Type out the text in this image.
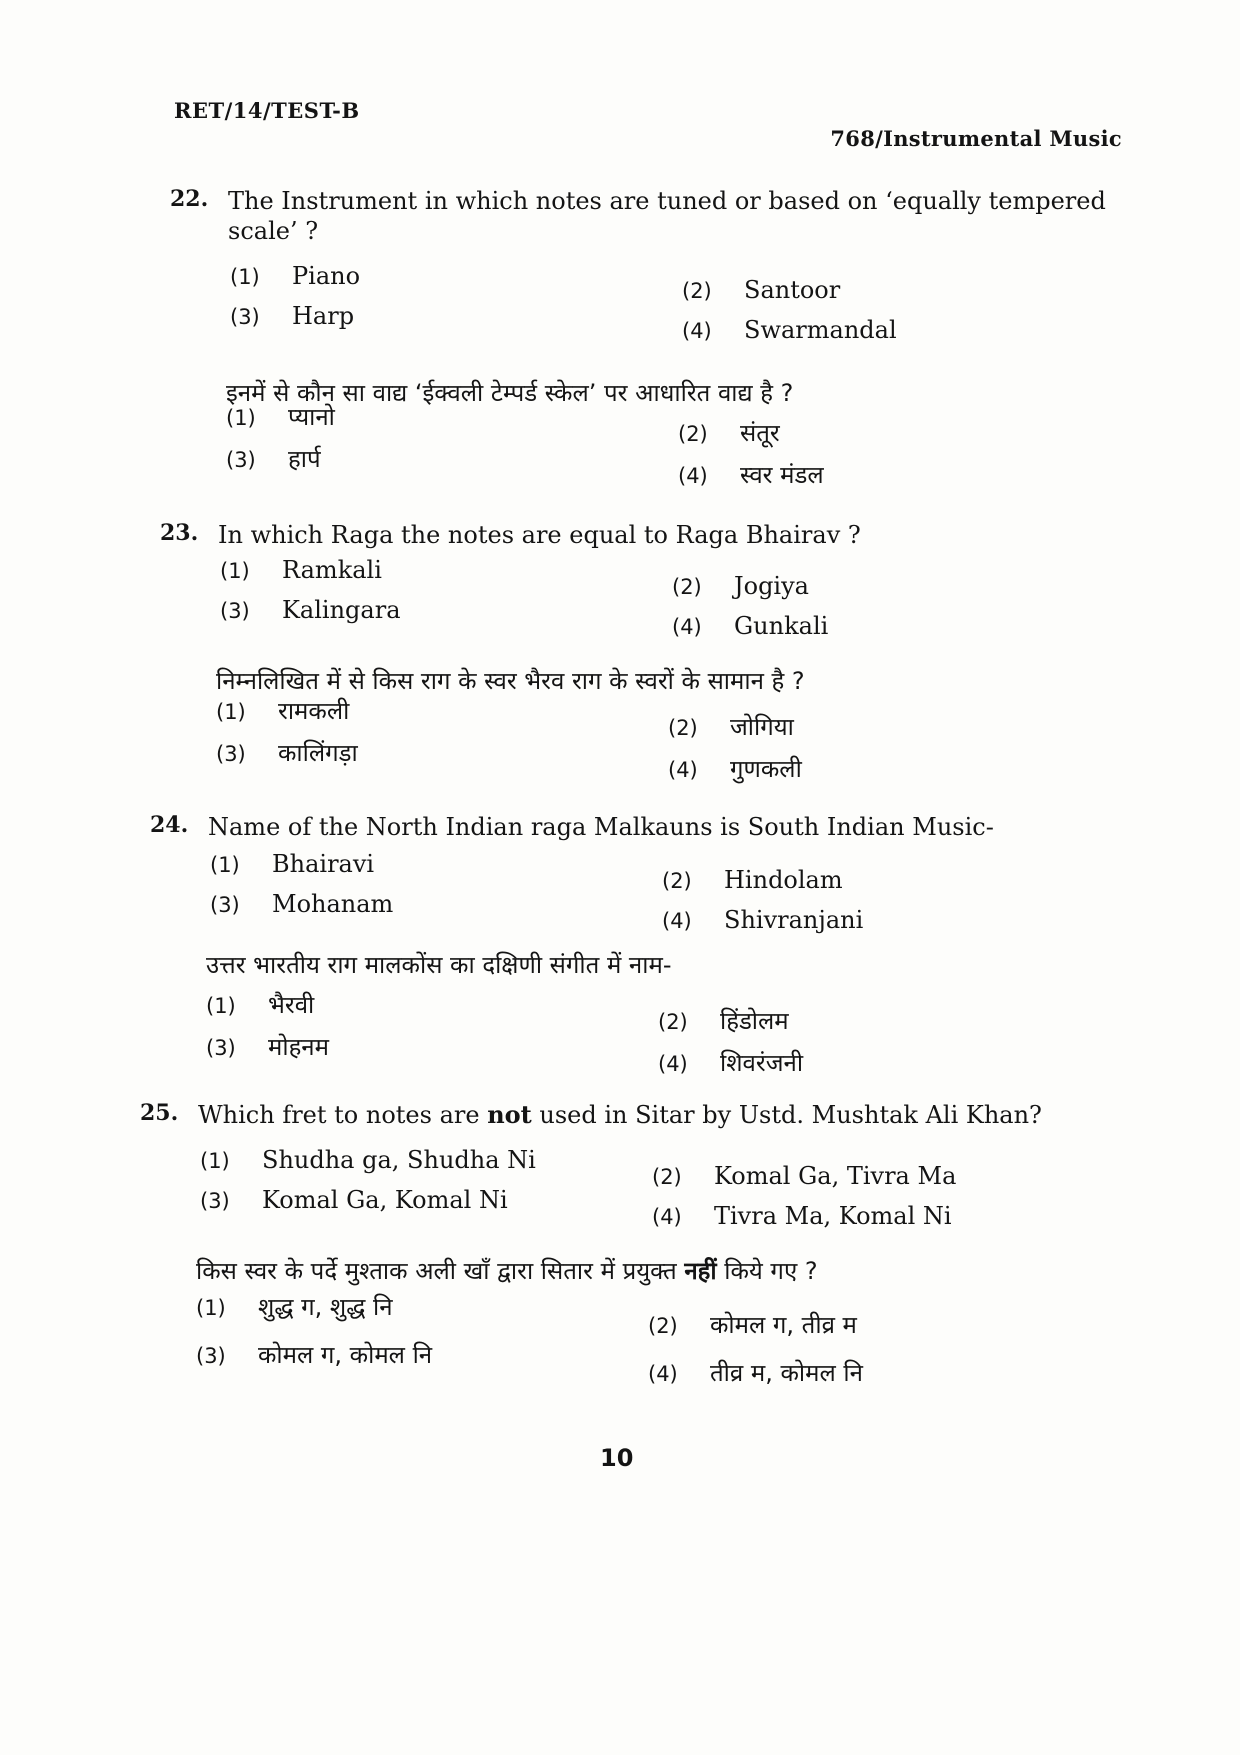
RET/14/TEST-B
768/Instrumental Music
22. The Instrument in which notes are tuned or based on ‘equally tempered scale’ ?
(1) Piano
(2) Santoor
(3) Harp
(4) Swarmandal
इनमें से कौन सा वाद्य ‘ईक्वली टेम्पर्ड स्केल’ पर आधारित वाद्य है ?
(1) प्यानो
(2) संतूर
(3) हार्प
(4) स्वर मंडल
23. In which Raga the notes are equal to Raga Bhairav ?
(1) Ramkali
(2) Jogiya
(3) Kalingara
(4) Gunkali
निम्नलिखित में से किस राग के स्वर भैरव राग के स्वरों के सामान है ?
(1) रामकली
(2) जोगिया
(3) कालिंगड़ा
(4) गुणकली
24. Name of the North Indian raga Malkauns is South Indian Music-
(1) Bhairavi
(2) Hindolam
(3) Mohanam
(4) Shivranjani
उत्तर भारतीय राग मालकोंस का दक्षिणी संगीत में नाम-
(1) भैरवी
(2) हिंडोलम
(3) मोहनम
(4) शिवरंजनी
25. Which fret to notes are not used in Sitar by Ustd. Mushtak Ali Khan?
(1) Shudha ga, Shudha Ni
(2) Komal Ga, Tivra Ma
(3) Komal Ga, Komal Ni
(4) Tivra Ma, Komal Ni
किस स्वर के पर्दे मुश्ताक अली खाँ द्वारा सितार में प्रयुक्त नहीं किये गए ?
(1) शुद्ध ग, शुद्ध नि
(2) कोमल ग, तीव्र म
(3) कोमल ग, कोमल नि
(4) तीव्र म, कोमल नि
10
